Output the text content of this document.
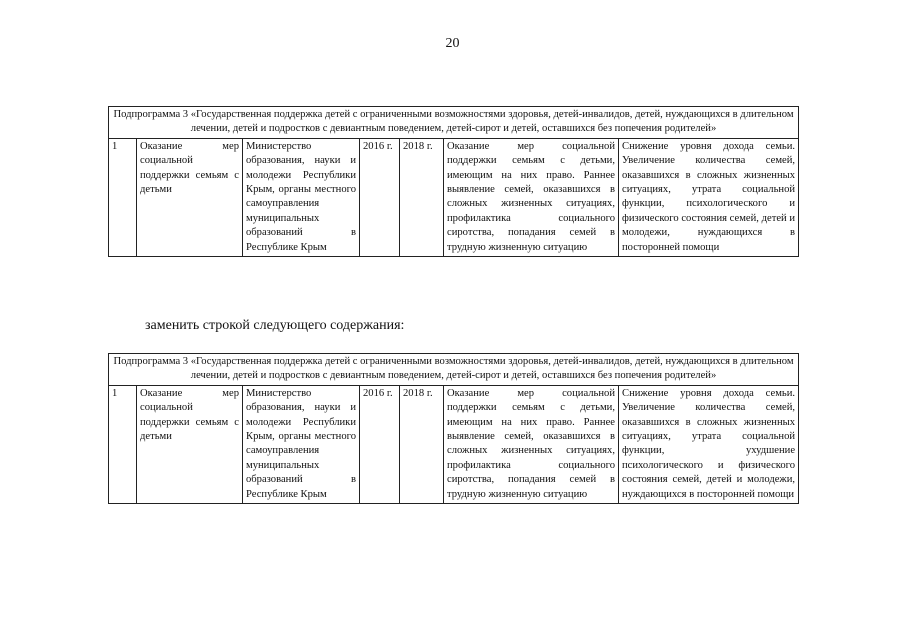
20
Подпрограмма 3 «Государственная поддержка детей с ограниченными возможностями здоровья, детей-инвалидов, детей, нуждающихся в длительном лечении, детей и подростков с девиантным поведением, детей-сирот и детей, оставшихся без попечения родителей»
1	Оказание мер социальной поддержки семьям с детьми	Министерство образования, науки и молодежи Республики Крым, органы местного самоуправления муниципальных образований в Республике Крым	2016 г.	2018 г.	Оказание мер социальной поддержки семьям с детьми, имеющим на них право. Раннее выявление семей, оказавшихся в сложных жизненных ситуациях, профилактика социального сиротства, попадания семей в трудную жизненную ситуацию	Снижение уровня дохода семьи. Увеличение количества семей, оказавшихся в сложных жизненных ситуациях, утрата социальной функции, психологического и физического состояния семей, детей и молодежи, нуждающихся в посторонней помощи
заменить строкой следующего содержания:
Подпрограмма 3 «Государственная поддержка детей с ограниченными возможностями здоровья, детей-инвалидов, детей, нуждающихся в длительном лечении, детей и подростков с девиантным поведением, детей-сирот и детей, оставшихся без попечения родителей»
1	Оказание мер социальной поддержки семьям с детьми	Министерство образования, науки и молодежи Республики Крым, органы местного самоуправления муниципальных образований в Республике Крым	2016 г.	2018 г.	Оказание мер социальной поддержки семьям с детьми, имеющим на них право. Раннее выявление семей, оказавшихся в сложных жизненных ситуациях, профилактика социального сиротства, попадания семей в трудную жизненную ситуацию	Снижение уровня дохода семьи. Увеличение количества семей, оказавшихся в сложных жизненных ситуациях, утрата социальной функции, ухудшение психологического и физического состояния семей, детей и молодежи, нуждающихся в посторонней помощи
